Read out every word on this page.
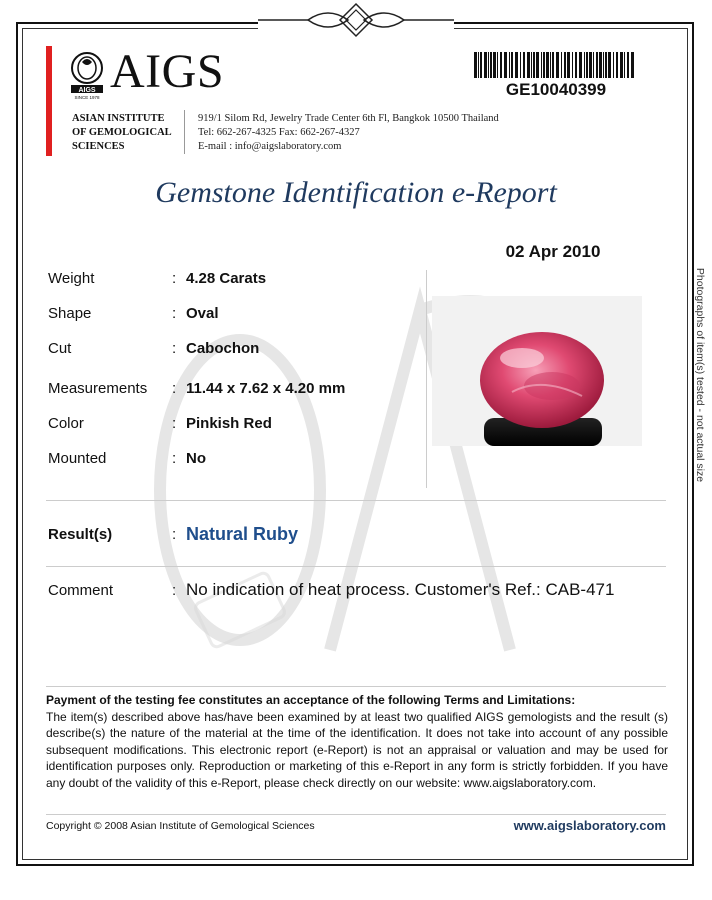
AIGS
SINCE 1978 AIGS
ASIAN INSTITUTE
OF GEMOLOGICAL
SCIENCES
919/1 Silom Rd, Jewelry Trade Center 6th Fl, Bangkok 10500 Thailand
Tel: 662-267-4325 Fax: 662-267-4327
E-mail : info@aigslaboratory.com
GE10040399
Gemstone Identification e-Report
02 Apr 2010
Weight	: 4.28 Carats
Shape	: Oval
Cut	: Cabochon
Measurements : 11.44 x 7.62 x 4.20 mm
Color	: Pinkish Red
Mounted	: No	Photographs of item(s) tested - not actual size
Result(s)	: Natural Ruby
Comment	: No indication of heat process. Customer's Ref.: CAB-471
Payment of the testing fee constitutes an acceptance of the following Terms and Limitations:
The item(s) described above has/have been examined by at least two qualified AIGS gemologists and the result (s) describe(s) the nature of the material at the time of the identification. It does not take into account of any possible subsequent modifications. This electronic report (e-Report) is not an appraisal or valuation and may be used for identification purposes only. Reproduction or marketing of this e-Report in any form is strictly forbidden. If you have any doubt of the validity of this e-Report, please check directly on our website: www.aigslaboratory.com.
Copyright © 2008 Asian Institute of Gemological Sciences	www.aigslaboratory.com
